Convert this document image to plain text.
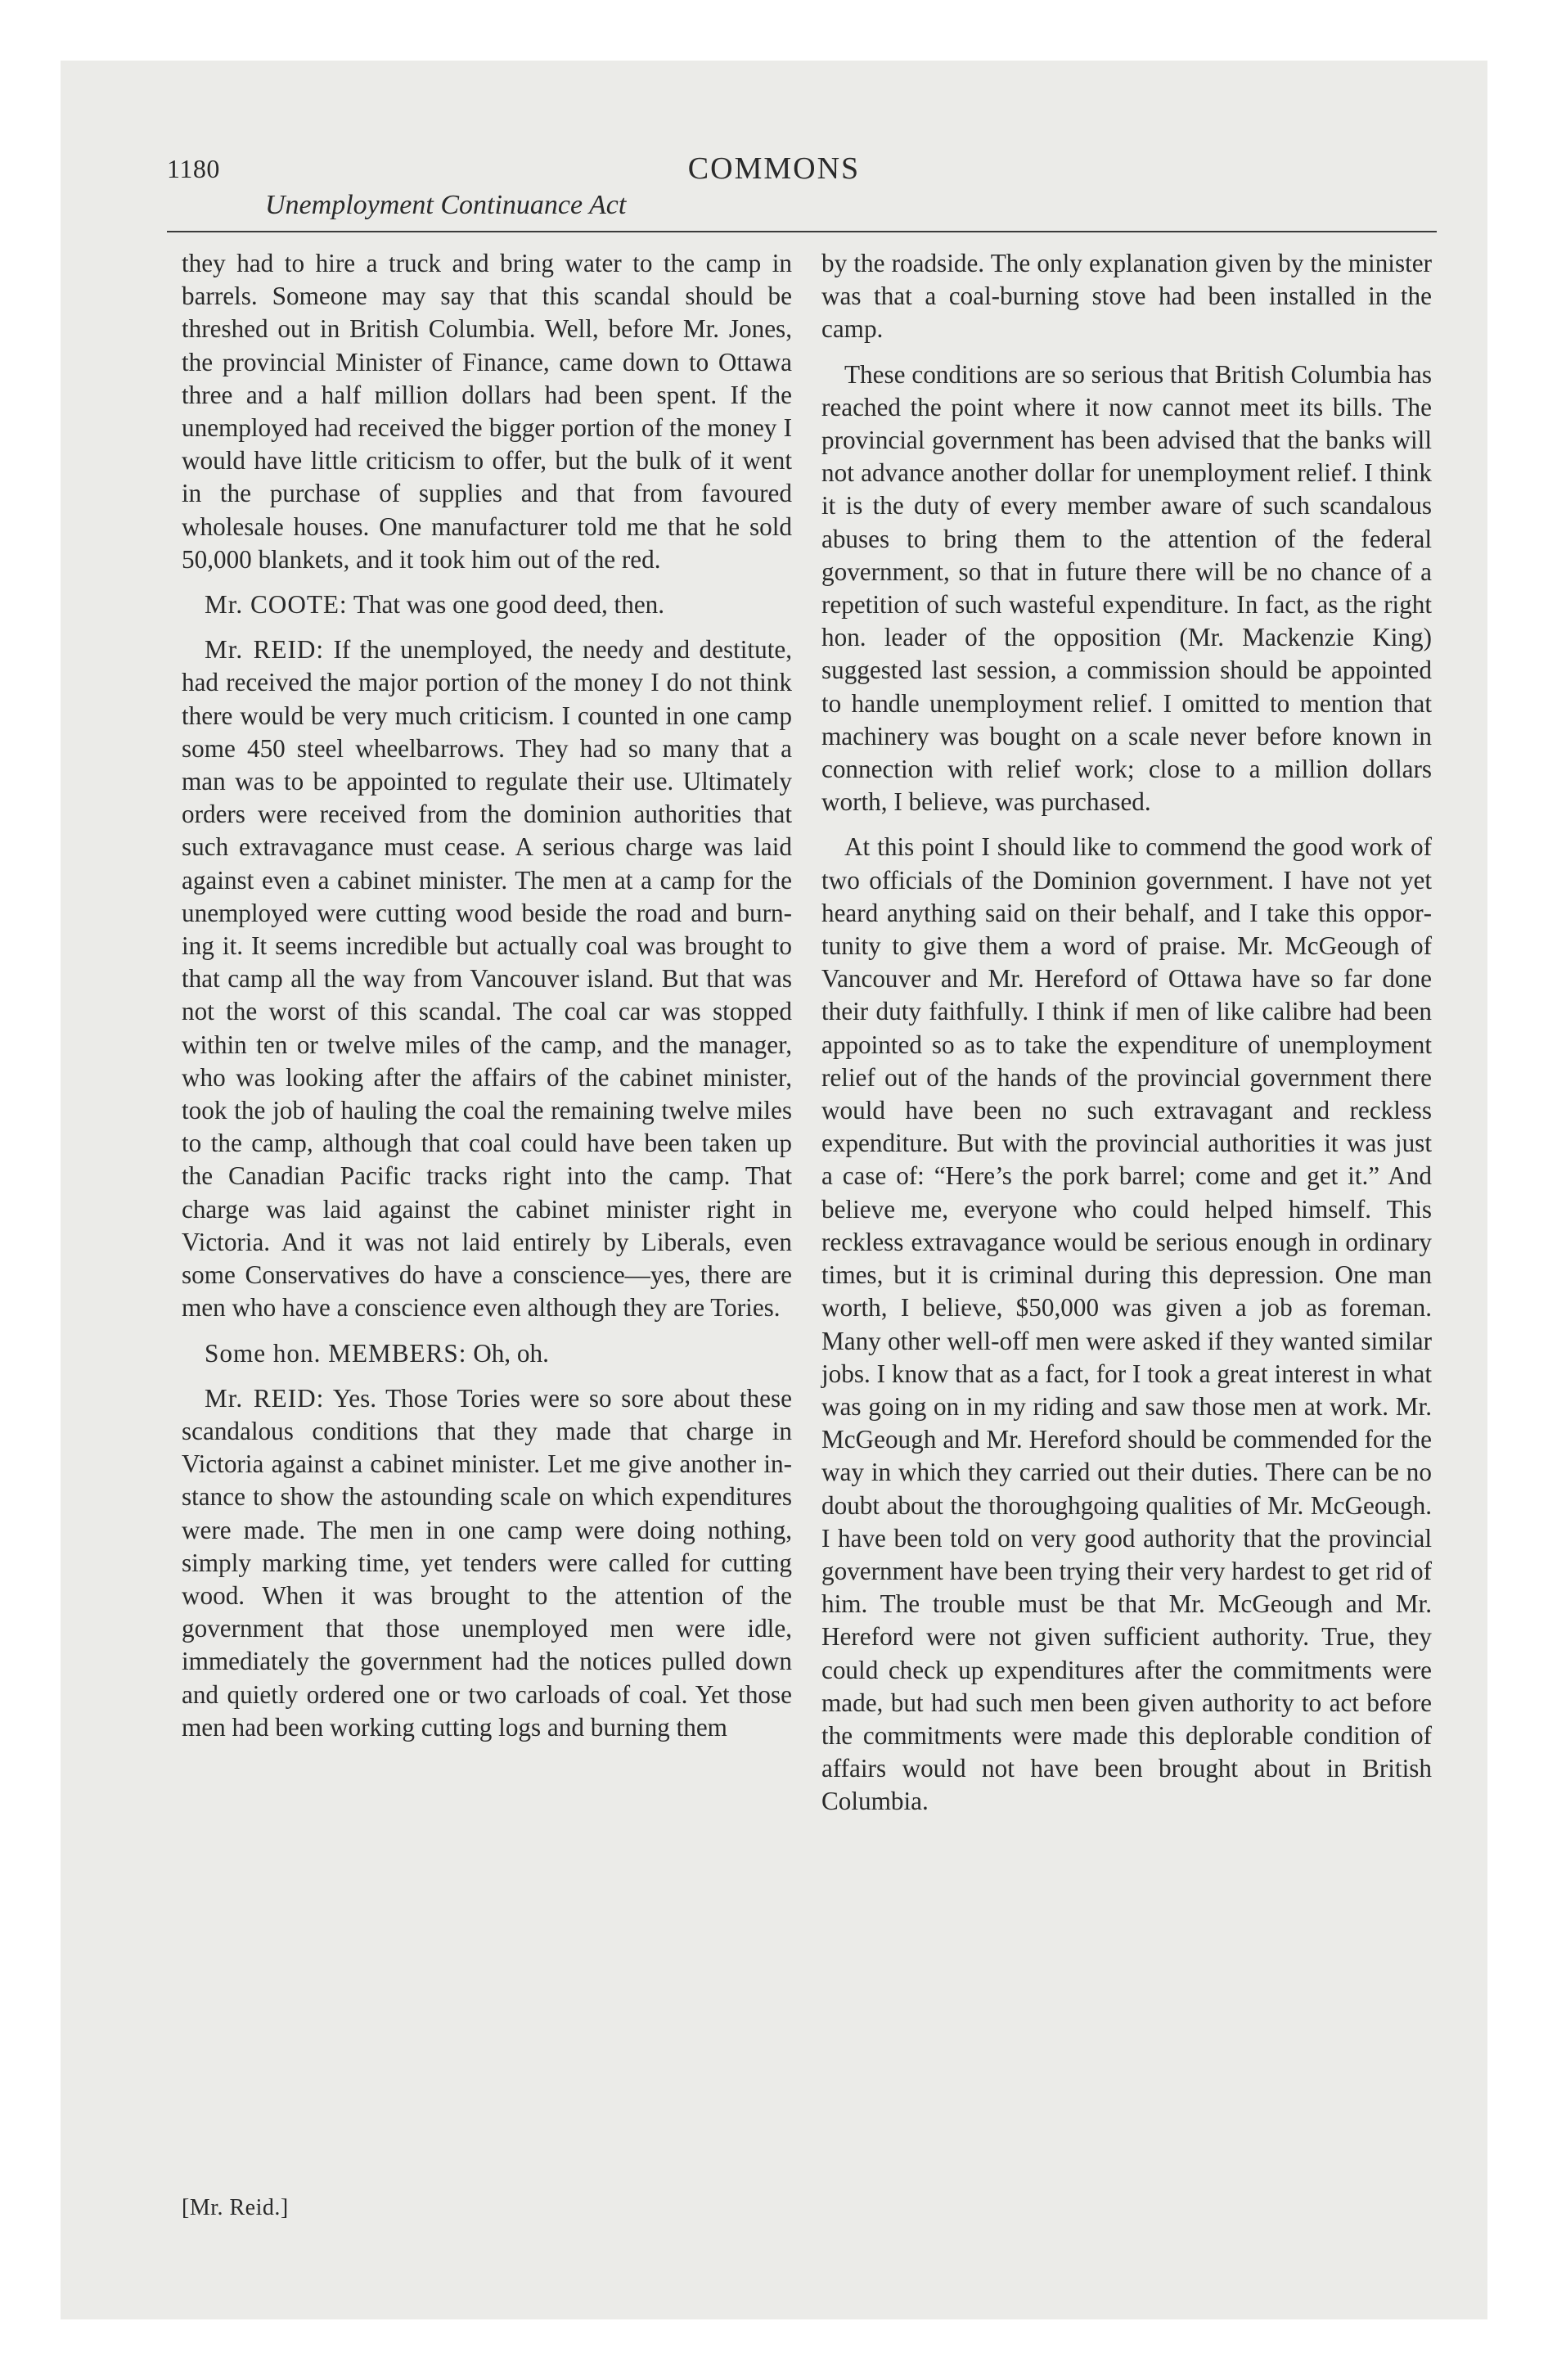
1180	COMMONS
Unemployment Continuance Act

they had to hire a truck and bring water to the camp in barrels. Someone may say that this scandal should be threshed out in British Columbia. Well, before Mr. Jones, the provincial Minister of Finance, came down to Ottawa three and a half million dollars had been spent. If the unemployed had received the bigger portion of the money I would have little criticism to offer, but the bulk of it went in the purchase of supplies and that from favoured wholesale houses. One manufacturer told me that he sold 50,000 blankets, and it took him out of the red.

Mr. COOTE: That was one good deed, then.

Mr. REID: If the unemployed, the needy and destitute, had received the major portion of the money I do not think there would be very much criticism. I counted in one camp some 450 steel wheelbarrows. They had so many that a man was to be appointed to regulate their use. Ultimately orders were received from the dominion authorities that such extravagance must cease. A serious charge was laid against even a cabinet minister. The men at a camp for the unemployed were cutting wood beside the road and burning it. It seems incredible but actually coal was brought to that camp all the way from Vancouver island. But that was not the worst of this scandal. The coal car was stopped within ten or twelve miles of the camp, and the manager, who was looking after the affairs of the cabinet minister, took the job of hauling the coal the remaining twelve miles to the camp, although that coal could have been taken up the Canadian Pacific tracks right into the camp. That charge was laid against the cabinet minister right in Victoria. And it was not laid entirely by Liberals, even some Conservatives do have a conscience—yes, there are men who have a conscience even although they are Tories.

Some hon. MEMBERS: Oh, oh.

Mr. REID: Yes. Those Tories were so sore about these scandalous conditions that they made that charge in Victoria against a cabinet minister. Let me give another instance to show the astounding scale on which expenditures were made. The men in one camp were doing nothing, simply marking time, yet tenders were called for cutting wood. When it was brought to the attention of the government that those unemployed men were idle, immediately the government had the notices pulled down and quietly ordered one or two carloads of coal. Yet those men had been working cutting logs and burning them

by the roadside. The only explanation given by the minister was that a coal-burning stove had been installed in the camp.

These conditions are so serious that British Columbia has reached the point where it now cannot meet its bills. The provincial government has been advised that the banks will not advance another dollar for unemployment relief. I think it is the duty of every member aware of such scandalous abuses to bring them to the attention of the federal government, so that in future there will be no chance of a repetition of such wasteful expenditure. In fact, as the right hon. leader of the opposition (Mr. Mackenzie King) suggested last session, a commission should be appointed to handle unemployment relief. I omitted to mention that machinery was bought on a scale never before known in connection with relief work; close to a million dollars worth, I believe, was purchased.

At this point I should like to commend the good work of two officials of the Dominion government. I have not yet heard anything said on their behalf, and I take this opportunity to give them a word of praise. Mr. McGeough of Vancouver and Mr. Hereford of Ottawa have so far done their duty faithfully. I think if men of like calibre had been appointed so as to take the expenditure of unemployment relief out of the hands of the provincial government there would have been no such extravagant and reckless expenditure. But with the provincial authorities it was just a case of: “Here’s the pork barrel; come and get it.” And believe me, everyone who could helped himself. This reckless extravagance would be serious enough in ordinary times, but it is criminal during this depression. One man worth, I believe, $50,000 was given a job as foreman. Many other well-off men were asked if they wanted similar jobs. I know that as a fact, for I took a great interest in what was going on in my riding and saw those men at work. Mr. McGeough and Mr. Hereford should be commended for the way in which they carried out their duties. There can be no doubt about the thoroughgoing qualities of Mr. McGeough. I have been told on very good authority that the provincial government have been trying their very hardest to get rid of him. The trouble must be that Mr. McGeough and Mr. Hereford were not given sufficient authority. True, they could check up expenditures after the commitments were made, but had such men been given authority to act before the commitments were made this deplorable condition of affairs would not have been brought about in British Columbia.

[Mr. Reid.]
